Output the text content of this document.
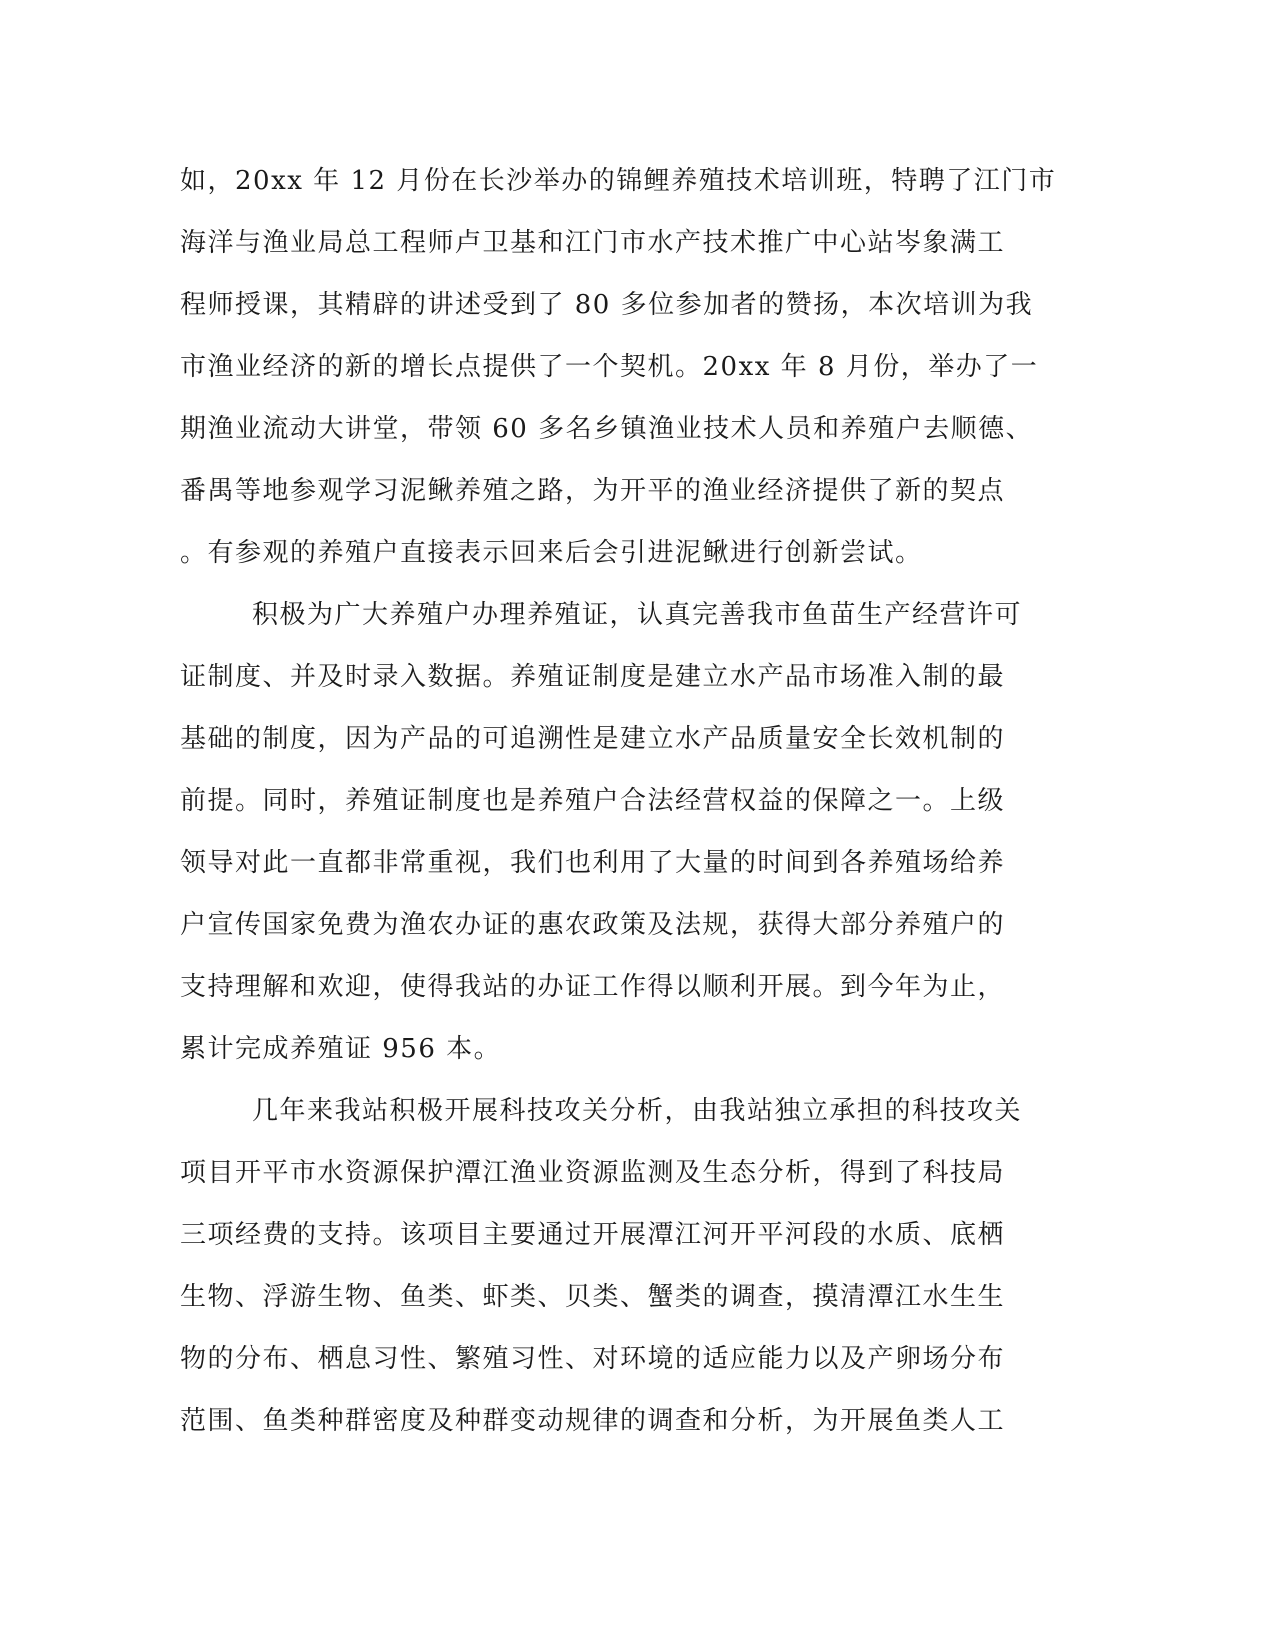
如，20xx 年 12 月份在长沙举办的锦鲤养殖技术培训班，特聘了江门市
海洋与渔业局总工程师卢卫基和江门市水产技术推广中心站岑象满工
程师授课，其精辟的讲述受到了 80 多位参加者的赞扬，本次培训为我
市渔业经济的新的增长点提供了一个契机。20xx 年 8 月份，举办了一
期渔业流动大讲堂，带领 60 多名乡镇渔业技术人员和养殖户去顺德、
番禺等地参观学习泥鳅养殖之路，为开平的渔业经济提供了新的契点
。有参观的养殖户直接表示回来后会引进泥鳅进行创新尝试。
积极为广大养殖户办理养殖证，认真完善我市鱼苗生产经营许可
证制度、并及时录入数据。养殖证制度是建立水产品市场准入制的最
基础的制度，因为产品的可追溯性是建立水产品质量安全长效机制的
前提。同时，养殖证制度也是养殖户合法经营权益的保障之一。上级
领导对此一直都非常重视，我们也利用了大量的时间到各养殖场给养
户宣传国家免费为渔农办证的惠农政策及法规，获得大部分养殖户的
支持理解和欢迎，使得我站的办证工作得以顺利开展。到今年为止，
累计完成养殖证 956 本。
几年来我站积极开展科技攻关分析，由我站独立承担的科技攻关
项目开平市水资源保护潭江渔业资源监测及生态分析，得到了科技局
三项经费的支持。该项目主要通过开展潭江河开平河段的水质、底栖
生物、浮游生物、鱼类、虾类、贝类、蟹类的调查，摸清潭江水生生
物的分布、栖息习性、繁殖习性、对环境的适应能力以及产卵场分布
范围、鱼类种群密度及种群变动规律的调查和分析，为开展鱼类人工
